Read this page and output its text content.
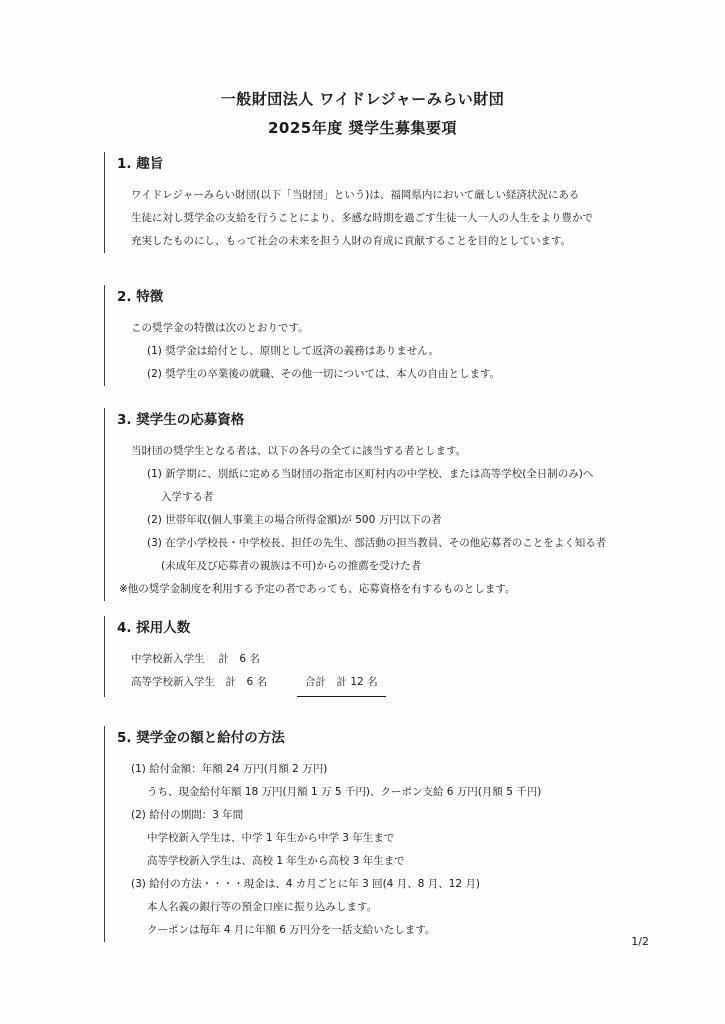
一般財団法人 ワイドレジャーみらい財団
2025年度 奨学生募集要項
1. 趣旨
ワイドレジャーみらい財団(以下「当財団」という)は、福岡県内において厳しい経済状況にある
生徒に対し奨学金の支給を行うことにより、多感な時期を過ごす生徒一人一人の人生をより豊かで
充実したものにし、もって社会の未来を担う人財の育成に貢献することを目的としています。
2. 特徴
この奨学金の特徴は次のとおりです。
(1) 奨学金は給付とし、原則として返済の義務はありません。
(2) 奨学生の卒業後の就職、その他一切については、本人の自由とします。
3. 奨学生の応募資格
当財団の奨学生となる者は、以下の各号の全てに該当する者とします。
(1) 新学期に、別紙に定める当財団の指定市区町村内の中学校、または高等学校(全日制のみ)へ
入学する者
(2) 世帯年収(個人事業主の場合所得金額)が 500 万円以下の者
(3) 在学小学校長・中学校長、担任の先生、部活動の担当教員、その他応募者のことをよく知る者
(未成年及び応募者の親族は不可)からの推薦を受けた者
※他の奨学金制度を利用する予定の者であっても、応募資格を有するものとします。
4. 採用人数
中学校新入学生　 計　6 名
高等学校新入学生　計　6 名	合計　計 12 名
5. 奨学金の額と給付の方法
(1) 給付金額：年額 24 万円(月額 2 万円)
うち、現金給付年額 18 万円(月額 1 万 5 千円)、クーポン支給 6 万円(月額 5 千円)
(2) 給付の期間：3 年間
中学校新入学生は、中学 1 年生から中学 3 年生まで
高等学校新入学生は、高校 1 年生から高校 3 年生まで
(3) 給付の方法・・・・現金は、4 カ月ごとに年 3 回(4 月、8 月、12 月)
本人名義の銀行等の預金口座に振り込みします。
クーポンは毎年 4 月に年額 6 万円分を一括支給いたします。
1/2
